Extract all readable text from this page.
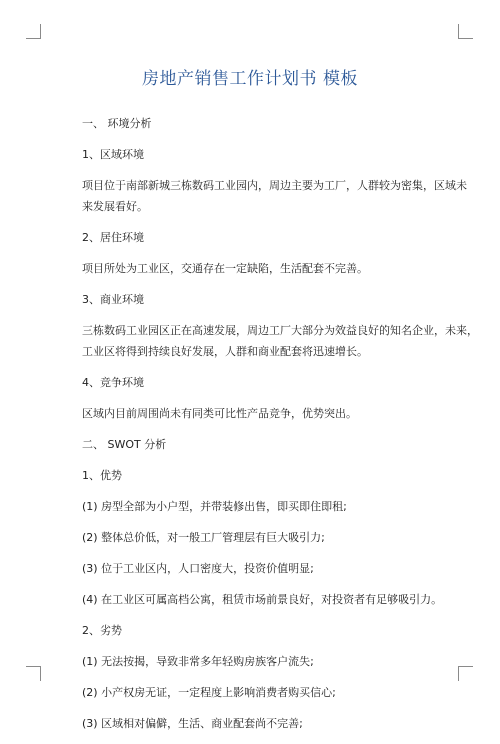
房地产销售工作计划书 模板
一、 环境分析
1、区域环境
项目位于南部新城三栋数码工业园内，周边主要为工厂，人群较为密集，区域未
来发展看好。
2、居住环境
项目所处为工业区，交通存在一定缺陷，生活配套不完善。
3、商业环境
三栋数码工业园区正在高速发展，周边工厂大部分为效益良好的知名企业，未来，
工业区将得到持续良好发展，人群和商业配套将迅速增长。
4、竞争环境
区域内目前周围尚未有同类可比性产品竞争，优势突出。
二、 SWOT 分析
1、优势
(1) 房型全部为小户型，并带装修出售，即买即住即租;
(2) 整体总价低，对一般工厂管理层有巨大吸引力;
(3) 位于工业区内，人口密度大，投资价值明显;
(4) 在工业区可属高档公寓，租赁市场前景良好，对投资者有足够吸引力。
2、劣势
(1) 无法按揭，导致非常多年轻购房族客户流失;
(2) 小产权房无证，一定程度上影响消费者购买信心;
(3) 区域相对偏僻，生活、商业配套尚不完善;
